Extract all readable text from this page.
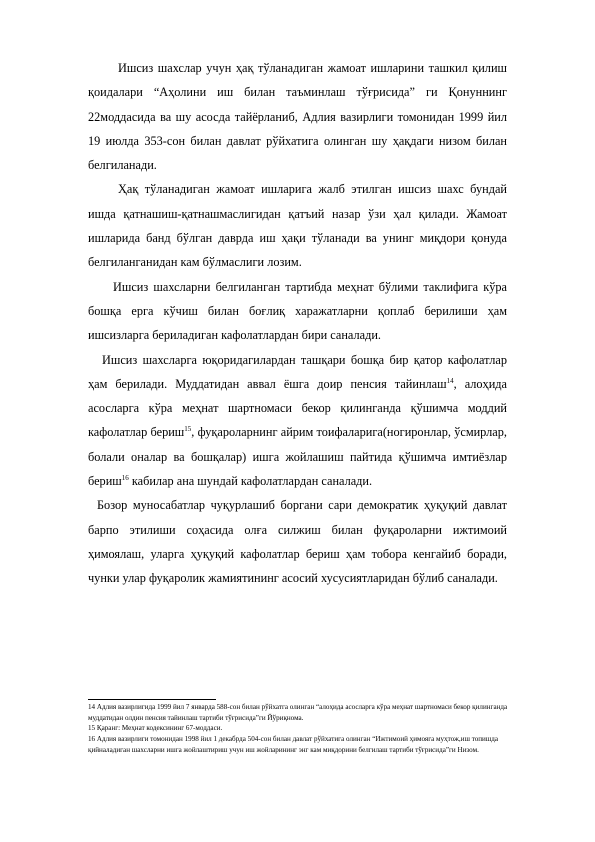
Ишсиз шахслар учун ҳақ тўланадиган жамоат ишларини ташкил қилиш қоидалари “Аҳолини иш билан таъминлаш тўғрисида” ги Қонуннинг 22моддасида ва шу асосда тайёрланиб, Адлия вазирлиги томонидан 1999 йил 19 июлда 353-сон билан давлат рўйхатига олинган шу ҳақдаги низом билан белгиланади.

Ҳақ тўланадиган жамоат ишларига жалб этилган ишсиз шахс бундай ишда қатнашиш-қатнашмаслигидан қатъий назар ўзи ҳал қилади. Жамоат ишларида банд бўлган даврда иш ҳақи тўланади ва унинг миқдори қонуда белгиланганидан кам бўлмаслиги лозим.

Ишсиз шахсларни белгиланган тартибда меҳнат бўлими таклифига кўра бошқа ерга кўчиш билан боғлиқ харажатларни қоплаб берилиши ҳам ишсизларга бериладиган кафолатлардан бири саналади.

Ишсиз шахсларга юқоридагилардан ташқари бошқа бир қатор кафолатлар ҳам берилади. Муддатидан аввал ёшга доир пенсия тайинлаш$^{14}$, алоҳида асосларга кўра меҳнат шартномаси бекор қилинганда қўшимча моддий кафолатлар бериш$^{15}$, фуқароларнинг айрим тоифаларига(ногиронлар, ўсмирлар, болали оналар ва бошқалар) ишга жойлашиш пайтида қўшимча имтиёзлар бериш$^{16}$ кабилар ана шундай кафолатлардан саналади.

Бозор муносабатлар чуқурлашиб боргани сари демократик ҳуқуқий давлат барпо этилиши соҳасида олға силжиш билан фуқароларни ижтимоий ҳимоялаш, уларга ҳуқуқий кафолатлар бериш ҳам тобора кенгайиб боради, чунки улар фуқаролик жамиятининг асосий хусусиятларидан бўлиб саналади.

14 Адлия вазирлигида 1999 йил 7 январда 588-сон билан рўйхатга олинган “алоҳида асосларга кўра меҳнат шартномаси бекор қилинганда муддатидан олдин пенсия тайинлаш тартиби тўғрисида”ги Йўриқнома.

15 Қаранг: Меҳнат кодексининг 67-моддаси.

16 Адлия вазирлиги томонидан 1998 йил 1 декабрда 504-сон билан давлат рўйхатига олинган “Ижтимоий ҳимояга муҳтож,иш топишда қийналадиган шахсларни ишга жойлаштириш учун иш жойларининг энг кам миқдорини белгилаш тартиби тўғрисида”ги Низом.
